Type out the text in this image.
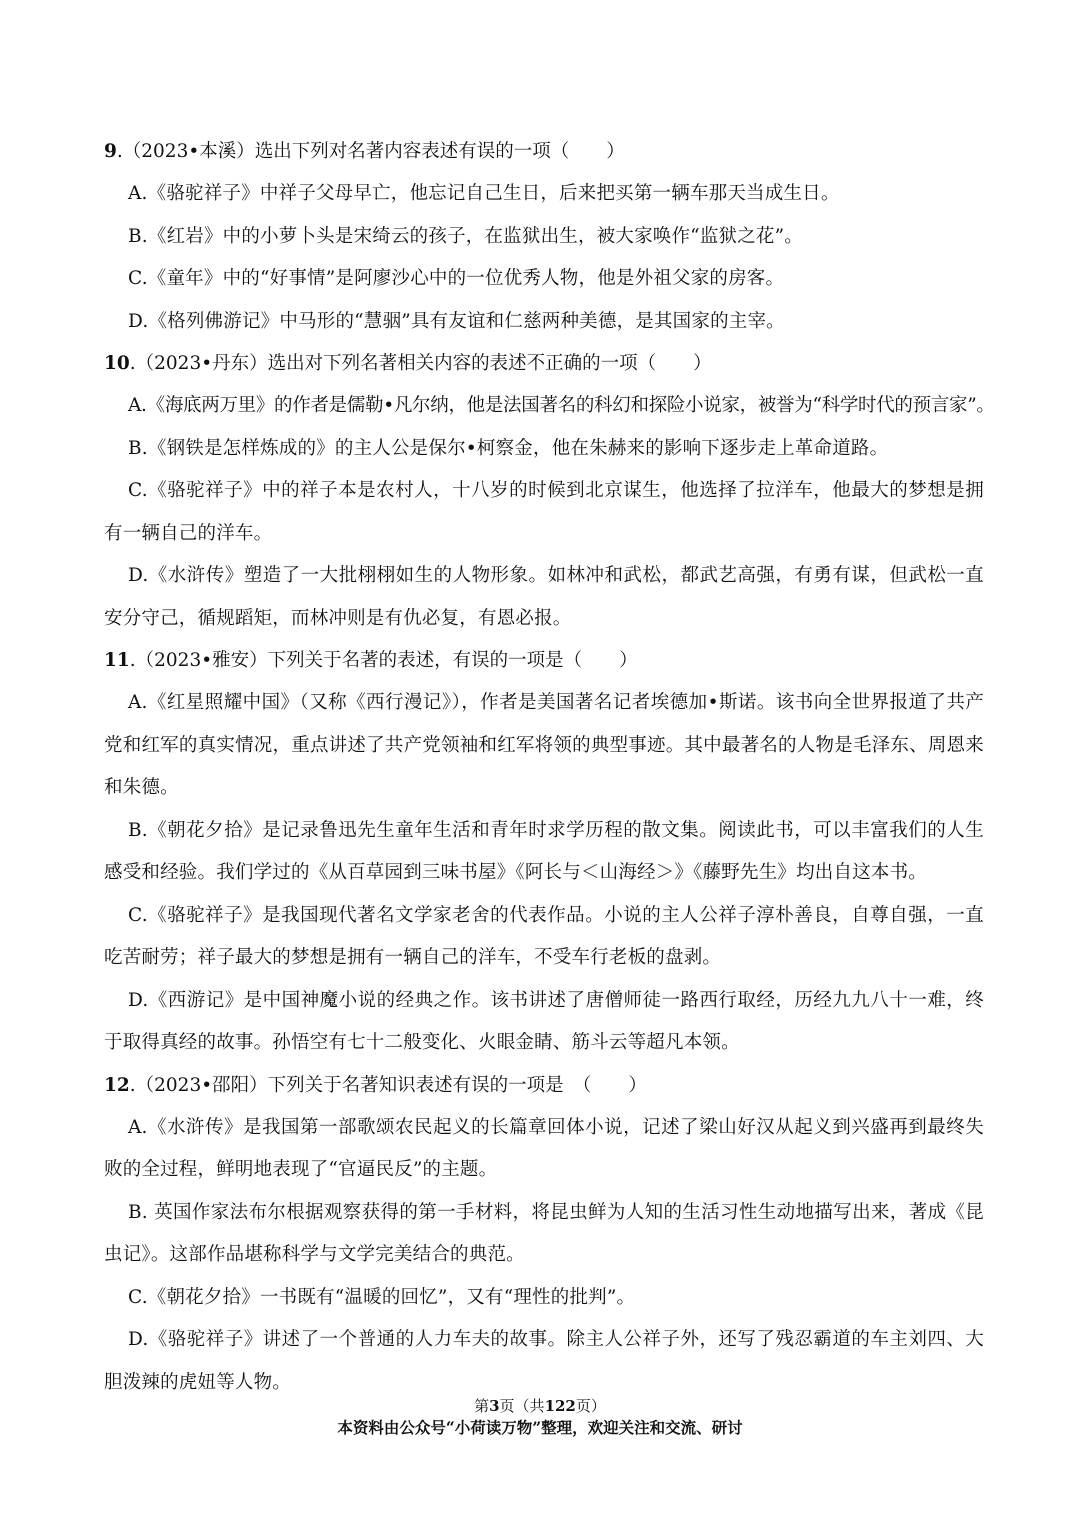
9.（2023•本溪）选出下列对名著内容表述有误的一项（　　）
A.《骆驼祥子》中祥子父母早亡，他忘记自己生日，后来把买第一辆车那天当成生日。
B.《红岩》中的小萝卜头是宋绮云的孩子，在监狱出生，被大家唤作“监狱之花”。
C.《童年》中的“好事情”是阿廖沙心中的一位优秀人物，他是外祖父家的房客。
D.《格列佛游记》中马形的“慧骃”具有友谊和仁慈两种美德，是其国家的主宰。
10.（2023•丹东）选出对下列名著相关内容的表述不正确的一项（　　）
A.《海底两万里》的作者是儒勒•凡尔纳，他是法国著名的科幻和探险小说家，被誉为“科学时代的预言家”。
B.《钢铁是怎样炼成的》的主人公是保尔•柯察金，他在朱赫来的影响下逐步走上革命道路。
C.《骆驼祥子》中的祥子本是农村人，十八岁的时候到北京谋生，他选择了拉洋车，他最大的梦想是拥有一辆自己的洋车。
D.《水浒传》塑造了一大批栩栩如生的人物形象。如林冲和武松，都武艺高强，有勇有谋，但武松一直安分守己，循规蹈矩，而林冲则是有仇必复，有恩必报。
11.（2023•雅安）下列关于名著的表述，有误的一项是（　　）
A.《红星照耀中国》（又称《西行漫记》），作者是美国著名记者埃德加•斯诺。该书向全世界报道了共产党和红军的真实情况，重点讲述了共产党领袖和红军将领的典型事迹。其中最著名的人物是毛泽东、周恩来和朱德。
B.《朝花夕拾》是记录鲁迅先生童年生活和青年时求学历程的散文集。阅读此书，可以丰富我们的人生感受和经验。我们学过的《从百草园到三味书屋》《阿长与＜山海经＞》《藤野先生》均出自这本书。
C.《骆驼祥子》是我国现代著名文学家老舍的代表作品。小说的主人公祥子淳朴善良，自尊自强，一直吃苦耐劳；祥子最大的梦想是拥有一辆自己的洋车，不受车行老板的盘剥。
D.《西游记》是中国神魔小说的经典之作。该书讲述了唐僧师徒一路西行取经，历经九九八十一难，终于取得真经的故事。孙悟空有七十二般变化、火眼金睛、筋斗云等超凡本领。
12.（2023•邵阳）下列关于名著知识表述有误的一项是　（　　）
A.《水浒传》是我国第一部歌颂农民起义的长篇章回体小说，记述了梁山好汉从起义到兴盛再到最终失败的全过程，鲜明地表现了“官逼民反”的主题。
B. 英国作家法布尔根据观察获得的第一手材料，将昆虫鲜为人知的生活习性生动地描写出来，著成《昆虫记》。这部作品堪称科学与文学完美结合的典范。
C.《朝花夕拾》一书既有“温暖的回忆”，又有“理性的批判”。
D.《骆驼祥子》讲述了一个普通的人力车夫的故事。除主人公祥子外，还写了残忍霸道的车主刘四、大胆泼辣的虎妞等人物。
第3页（共122页）
本资料由公众号“小荷读万物”整理，欢迎关注和交流、研讨
